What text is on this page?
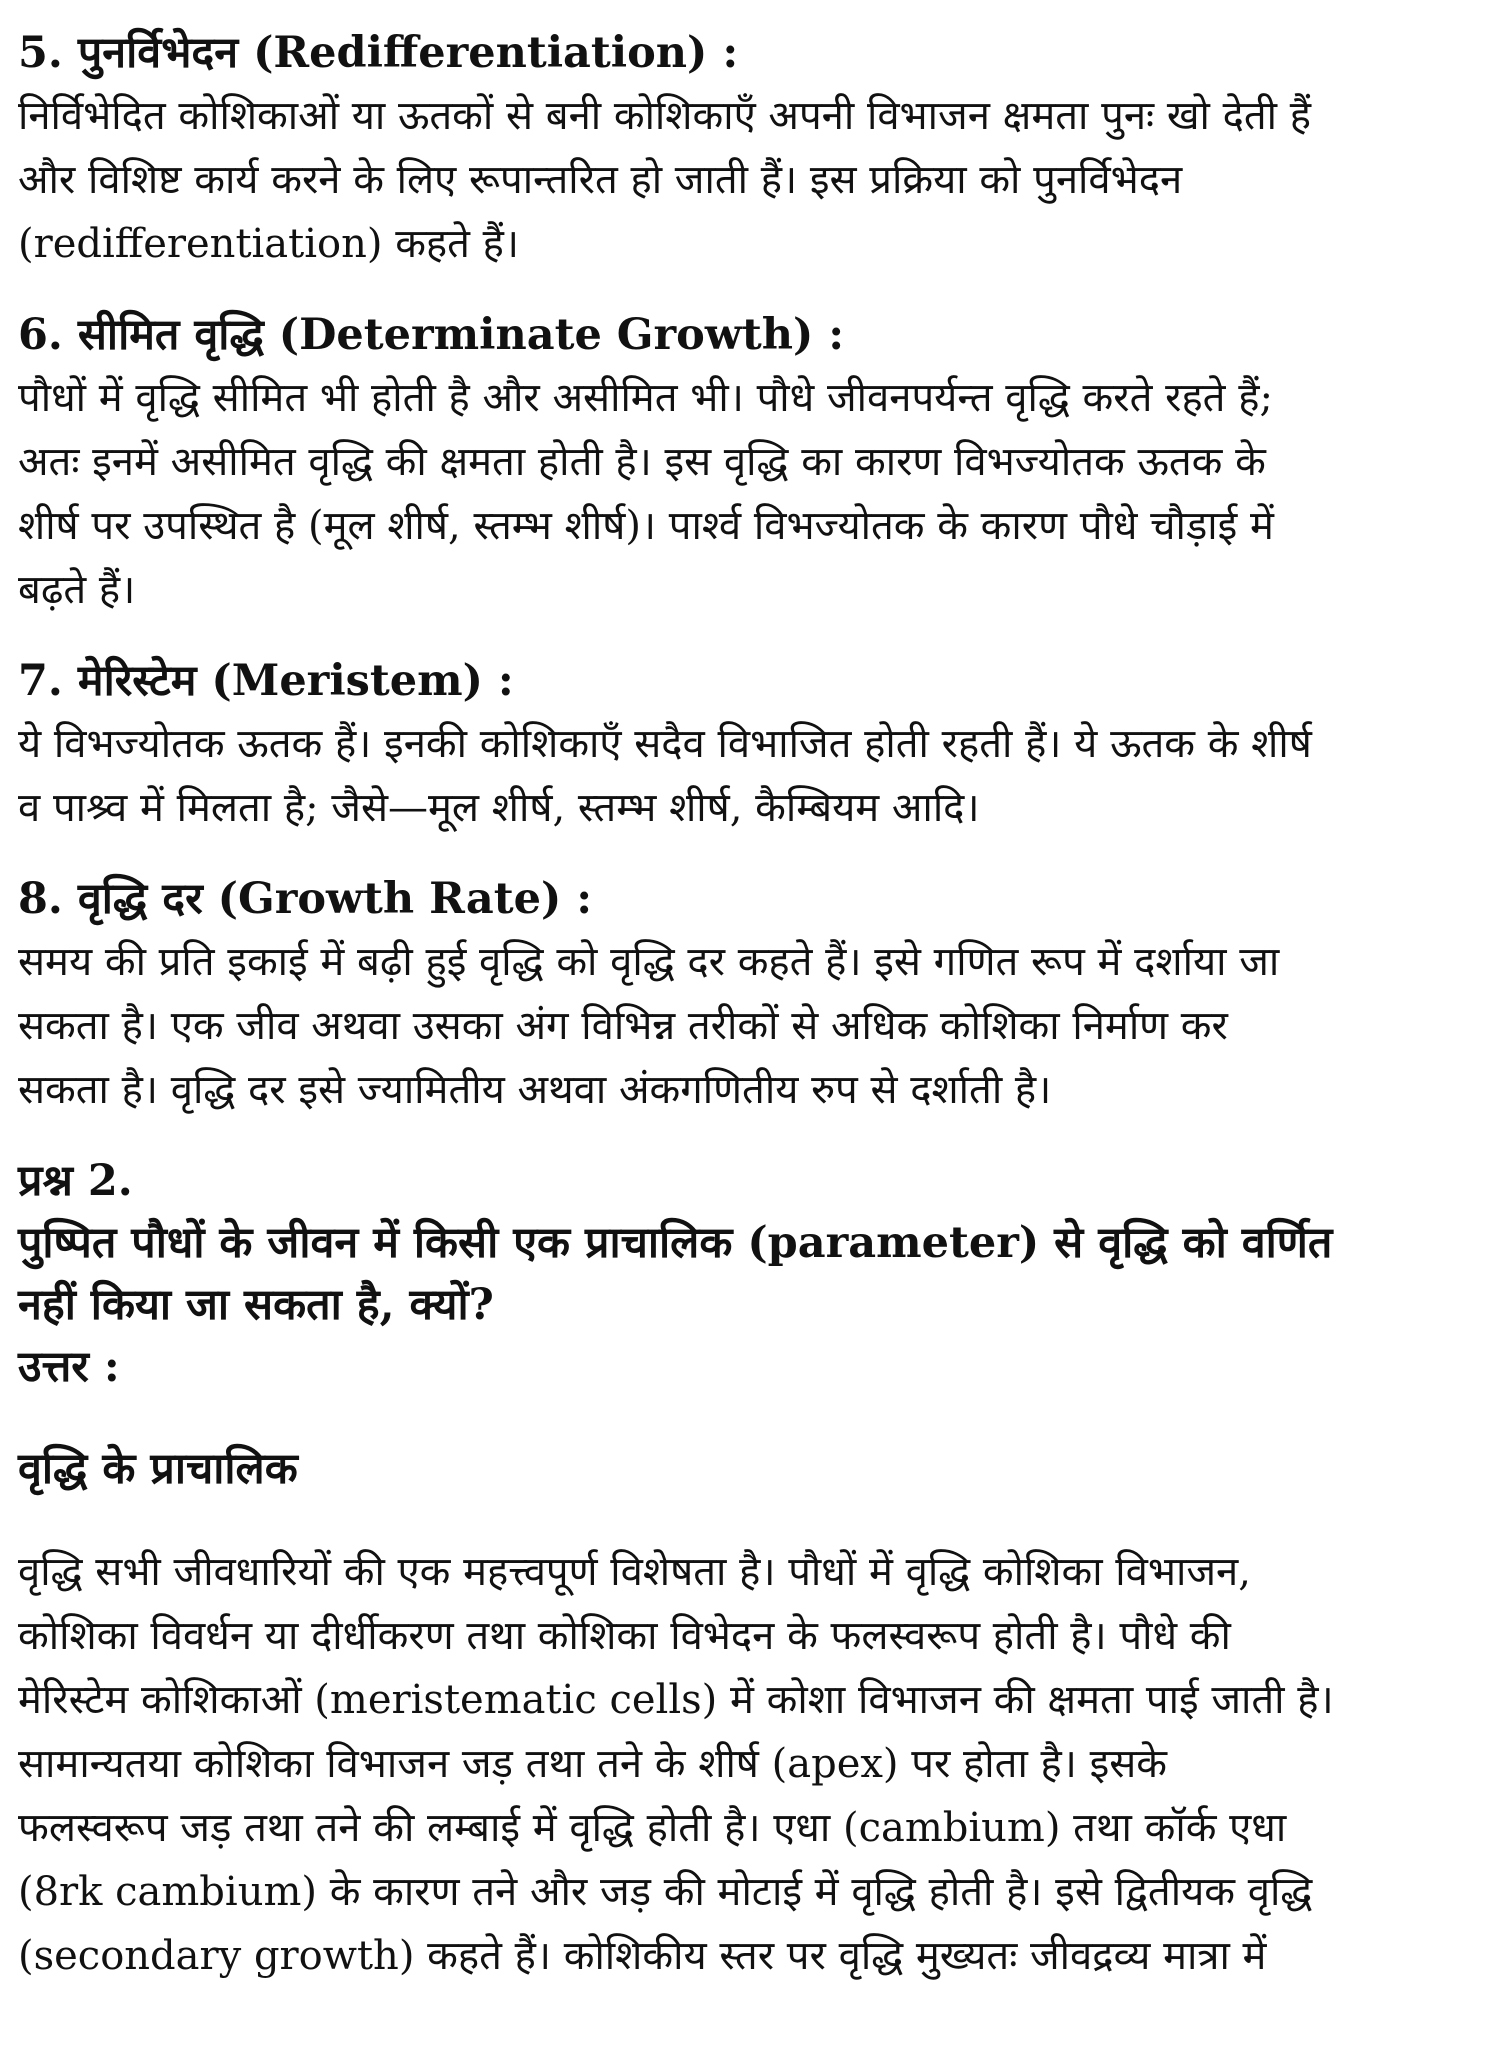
5. पुनर्विभेदन (Redifferentiation) :

निर्विभेदित कोशिकाओं या ऊतकों से बनी कोशिकाएँ अपनी विभाजन क्षमता पुनः खो देती हैं
और विशिष्ट कार्य करने के लिए रूपान्तरित हो जाती हैं। इस प्रक्रिया को पुनर्विभेदन
(redifferentiation) कहते हैं।

6. सीमित वृद्धि (Determinate Growth) :

पौधों में वृद्धि सीमित भी होती है और असीमित भी। पौधे जीवनपर्यन्त वृद्धि करते रहते हैं;
अतः इनमें असीमित वृद्धि की क्षमता होती है। इस वृद्धि का कारण विभज्योतक ऊतक के
शीर्ष पर उपस्थित है (मूल शीर्ष, स्तम्भ शीर्ष)। पार्श्व विभज्योतक के कारण पौधे चौड़ाई में
बढ़ते हैं।

7. मेरिस्टेम (Meristem) :

ये विभज्योतक ऊतक हैं। इनकी कोशिकाएँ सदैव विभाजित होती रहती हैं। ये ऊतक के शीर्ष
व पाश्र्व में मिलता है; जैसे—मूल शीर्ष, स्तम्भ शीर्ष, कैम्बियम आदि।

8. वृद्धि दर (Growth Rate) :

समय की प्रति इकाई में बढ़ी हुई वृद्धि को वृद्धि दर कहते हैं। इसे गणित रूप में दर्शाया जा
सकता है। एक जीव अथवा उसका अंग विभिन्न तरीकों से अधिक कोशिका निर्माण कर
सकता है। वृद्धि दर इसे ज्यामितीय अथवा अंकगणितीय रुप से दर्शाती है।

प्रश्न 2.

पुष्पित पौधों के जीवन में किसी एक प्राचालिक (parameter) से वृद्धि को वर्णित
नहीं किया जा सकता है, क्यों?

उत्तर :

वृद्धि के प्राचालिक

वृद्धि सभी जीवधारियों की एक महत्त्वपूर्ण विशेषता है। पौधों में वृद्धि कोशिका विभाजन,
कोशिका विवर्धन या दीर्धीकरण तथा कोशिका विभेदन के फलस्वरूप होती है। पौधे की
मेरिस्टेम कोशिकाओं (meristematic cells) में कोशा विभाजन की क्षमता पाई जाती है।
सामान्यतया कोशिका विभाजन जड़ तथा तने के शीर्ष (apex) पर होता है। इसके
फलस्वरूप जड़ तथा तने की लम्बाई में वृद्धि होती है। एधा (cambium) तथा कॉर्क एधा
(8rk cambium) के कारण तने और जड़ की मोटाई में वृद्धि होती है। इसे द्वितीयक वृद्धि
(secondary growth) कहते हैं। कोशिकीय स्तर पर वृद्धि मुख्यतः जीवद्रव्य मात्रा में
